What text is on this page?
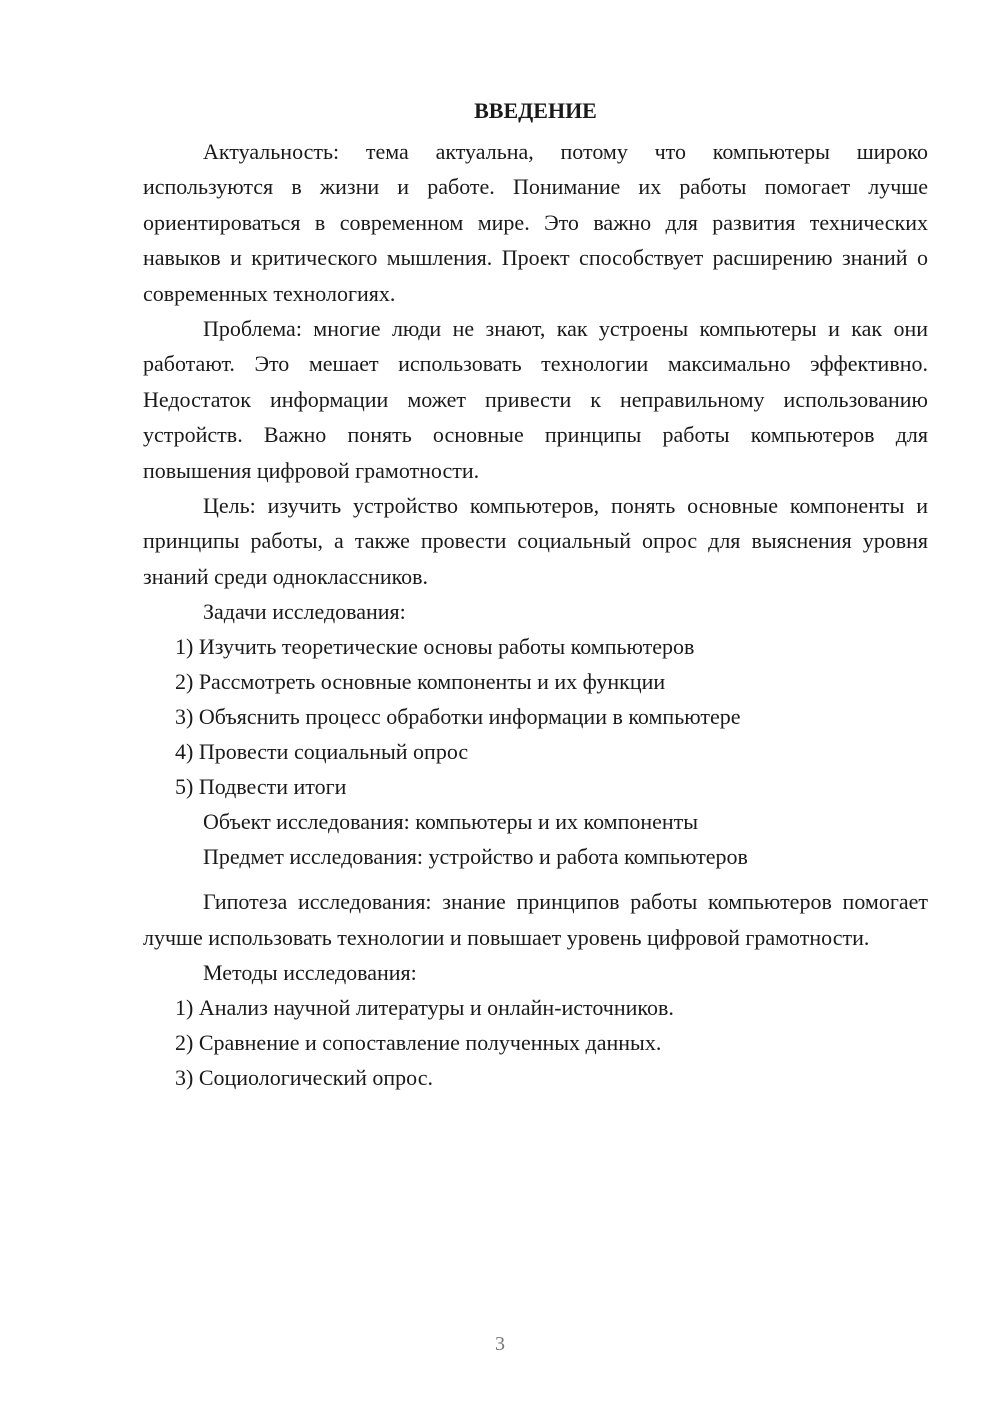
ВВЕДЕНИЕ

Актуальность: тема актуальна, потому что компьютеры широко используются в жизни и работе. Понимание их работы помогает лучше ориентироваться в современном мире. Это важно для развития технических навыков и критического мышления. Проект способствует расширению знаний о современных технологиях.

Проблема: многие люди не знают, как устроены компьютеры и как они работают. Это мешает использовать технологии максимально эффективно. Недостаток информации может привести к неправильному использованию устройств. Важно понять основные принципы работы компьютеров для повышения цифровой грамотности.

Цель: изучить устройство компьютеров, понять основные компоненты и принципы работы, а также провести социальный опрос для выяснения уровня знаний среди одноклассников.

Задачи исследования:

1) Изучить теоретические основы работы компьютеров

2) Рассмотреть основные компоненты и их функции

3) Объяснить процесс обработки информации в компьютере

4) Провести социальный опрос

5) Подвести итоги

Объект исследования: компьютеры и их компоненты

Предмет исследования: устройство и работа компьютеров

Гипотеза исследования: знание принципов работы компьютеров помогает лучше использовать технологии и повышает уровень цифровой грамотности.

Методы исследования:

1) Анализ научной литературы и онлайн-источников.

2) Сравнение и сопоставление полученных данных.

3) Социологический опрос.

3
